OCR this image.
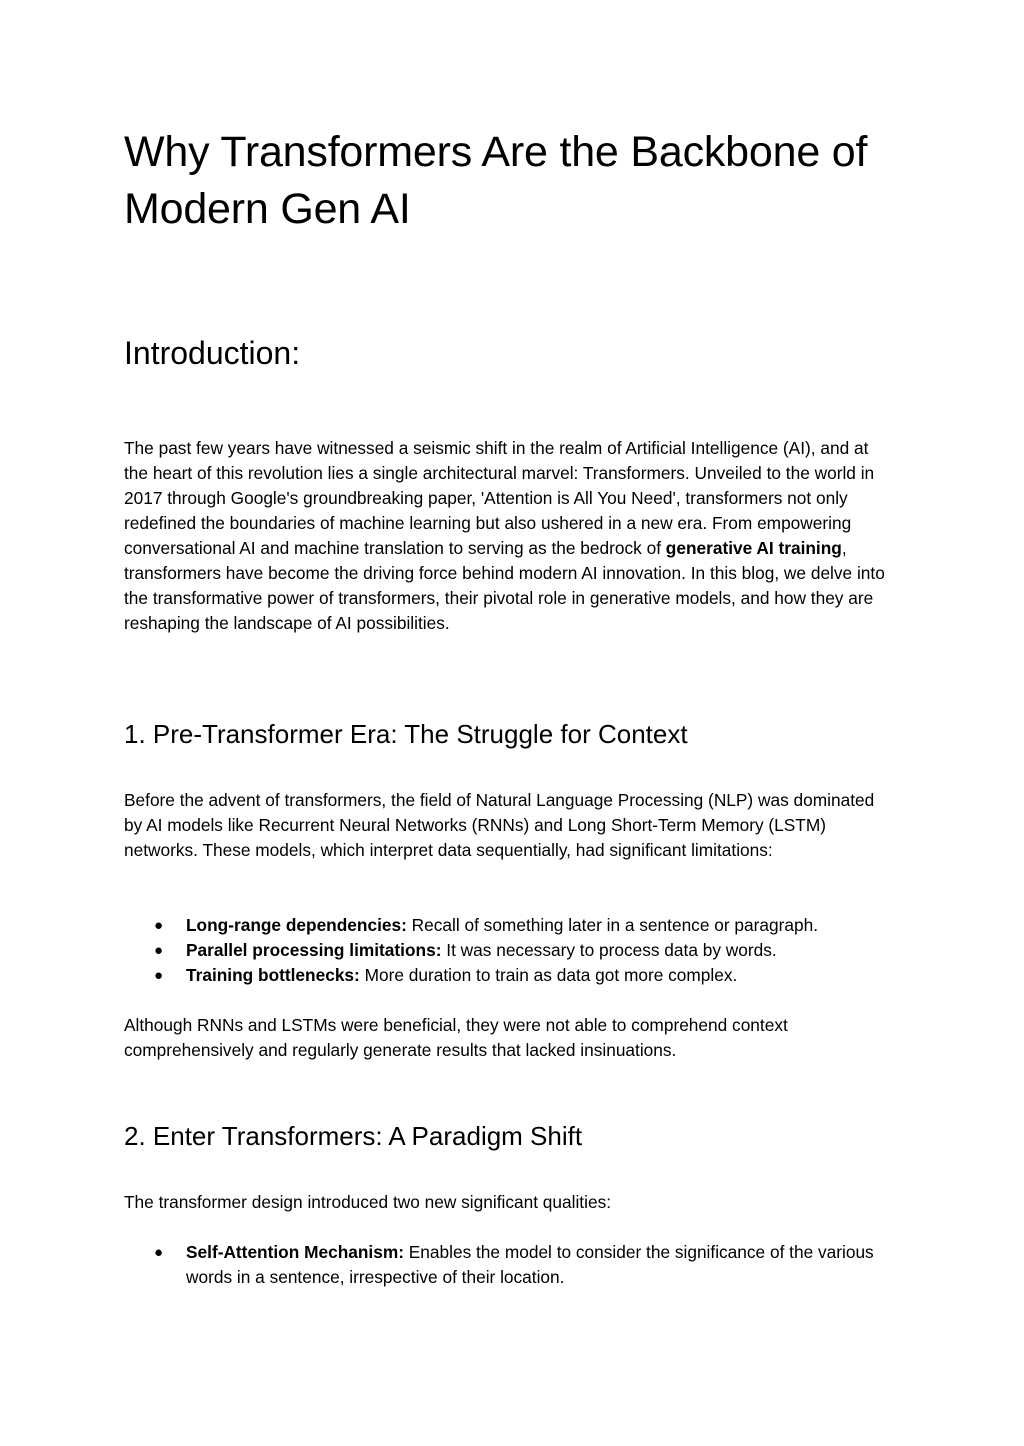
Why Transformers Are the Backbone of Modern Gen AI
Introduction:

The past few years have witnessed a seismic shift in the realm of Artificial Intelligence (AI), and at the heart of this revolution lies a single architectural marvel: Transformers. Unveiled to the world in 2017 through Google's groundbreaking paper, 'Attention is All You Need', transformers not only redefined the boundaries of machine learning but also ushered in a new era. From empowering conversational AI and machine translation to serving as the bedrock of generative AI training, transformers have become the driving force behind modern AI innovation. In this blog, we delve into the transformative power of transformers, their pivotal role in generative models, and how they are reshaping the landscape of AI possibilities.

1. Pre-Transformer Era: The Struggle for Context

Before the advent of transformers, the field of Natural Language Processing (NLP) was dominated by AI models like Recurrent Neural Networks (RNNs) and Long Short-Term Memory (LSTM) networks. These models, which interpret data sequentially, had significant limitations:

● Long-range dependencies: Recall of something later in a sentence or paragraph.
● Parallel processing limitations: It was necessary to process data by words.
● Training bottlenecks: More duration to train as data got more complex.

Although RNNs and LSTMs were beneficial, they were not able to comprehend context comprehensively and regularly generate results that lacked insinuations.

2. Enter Transformers: A Paradigm Shift

The transformer design introduced two new significant qualities:

● Self-Attention Mechanism: Enables the model to consider the significance of the various words in a sentence, irrespective of their location.
